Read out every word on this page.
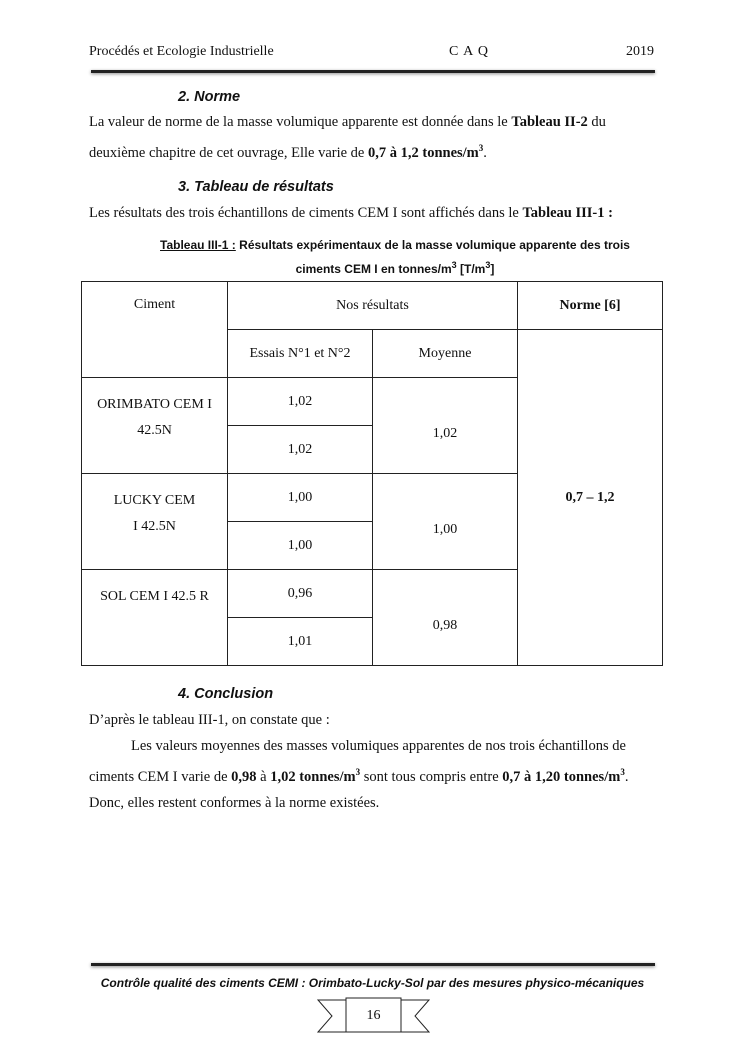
Procédés et Ecologie Industrielle	C A Q	2019
2. Norme
La valeur de norme de la masse volumique apparente est donnée dans le Tableau II-2 du
deuxième chapitre de cet ouvrage, Elle varie de 0,7 à 1,2 tonnes/$m^3$.
3. Tableau de résultats
Les résultats des trois échantillons de ciments CEM I sont affichés dans le Tableau III-1 :
Tableau III-1 : Résultats expérimentaux de la masse volumique apparente des trois
ciments CEM I en tonnes/$m^3$ $[T/m^3]$
Ciment	Nos résultats		Norme [6]
	Essais N°1 et N°2	Moyenne	0,7 – 1,2

ORIMBATO CEM I 42.5N	1,02	1,02	
	1,02		

LUCKY CEM I 42.5N	1,00	1,00	
	1,00		
SOL CEM I 42.5 R	0,96	0,98	
	1,01		
4. Conclusion
D’après le tableau III-1, on constate que :
Les valeurs moyennes des masses volumiques apparentes de nos trois échantillons de
ciments CEM I varie de 0,98 à 1,02 tonnes/$m^3$ sont tous compris entre 0,7 à 1,20 tonnes/$m^3$.
Donc, elles restent conformes à la norme existées.
Contrôle qualité des ciments CEMI : Orimbato-Lucky-Sol par des mesures physico-mécaniques
16
